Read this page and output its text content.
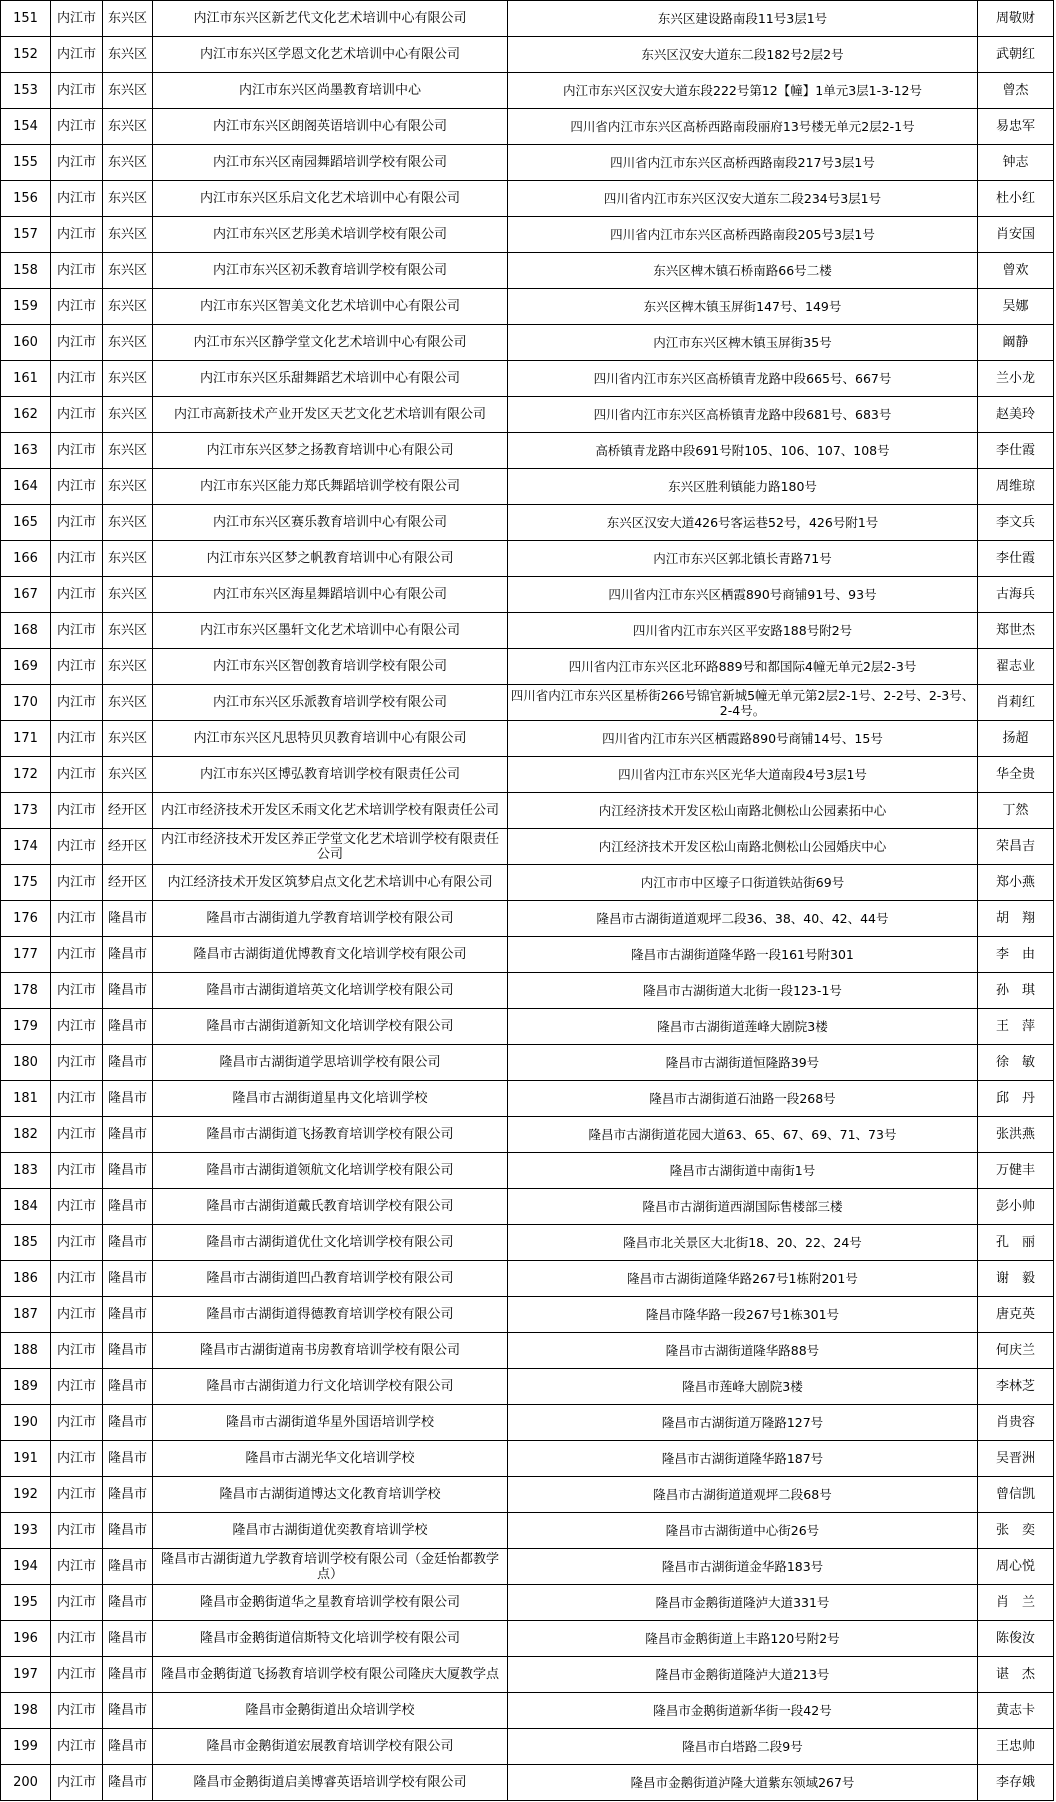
151	内江市	东兴区	内江市东兴区新艺代文化艺术培训中心有限公司	东兴区建设路南段11号3层1号	周敬财
152	内江市	东兴区	内江市东兴区学恩文化艺术培训中心有限公司	东兴区汉安大道东二段182号2层2号	武朝红
153	内江市	东兴区	内江市东兴区尚墨教育培训中心	内江市东兴区汉安大道东段222号第12【幢】1单元3层1-3-12号	曾杰
154	内江市	东兴区	内江市东兴区朗阁英语培训中心有限公司	四川省内江市东兴区高桥西路南段丽府13号楼无单元2层2-1号	易忠军
155	内江市	东兴区	内江市东兴区南园舞蹈培训学校有限公司	四川省内江市东兴区高桥西路南段217号3层1号	钟志
156	内江市	东兴区	内江市东兴区乐启文化艺术培训中心有限公司	四川省内江市东兴区汉安大道东二段234号3层1号	杜小红
157	内江市	东兴区	内江市东兴区艺彤美术培训学校有限公司	四川省内江市东兴区高桥西路南段205号3层1号	肖安国
158	内江市	东兴区	内江市东兴区初禾教育培训学校有限公司	东兴区椑木镇石桥南路66号二楼	曾欢
159	内江市	东兴区	内江市东兴区智美文化艺术培训中心有限公司	东兴区椑木镇玉屏街147号、149号	吴娜
160	内江市	东兴区	内江市东兴区静学堂文化艺术培训中心有限公司	内江市东兴区椑木镇玉屏街35号	阚静
161	内江市	东兴区	内江市东兴区乐甜舞蹈艺术培训中心有限公司	四川省内江市东兴区高桥镇青龙路中段665号、667号	兰小龙
162	内江市	东兴区	内江市高新技术产业开发区天艺文化艺术培训有限公司	四川省内江市东兴区高桥镇青龙路中段681号、683号	赵美玲
163	内江市	东兴区	内江市东兴区梦之扬教育培训中心有限公司	高桥镇青龙路中段691号附105、106、107、108号	李仕霞
164	内江市	东兴区	内江市东兴区能力郑氏舞蹈培训学校有限公司	东兴区胜利镇能力路180号	周维琼
165	内江市	东兴区	内江市东兴区赛乐教育培训中心有限公司	东兴区汉安大道426号客运巷52号，426号附1号	李文兵
166	内江市	东兴区	内江市东兴区梦之帆教育培训中心有限公司	内江市东兴区郭北镇长青路71号	李仕霞
167	内江市	东兴区	内江市东兴区海星舞蹈培训中心有限公司	四川省内江市东兴区栖霞890号商铺91号、93号	古海兵
168	内江市	东兴区	内江市东兴区墨轩文化艺术培训中心有限公司	四川省内江市东兴区平安路188号附2号	郑世杰
169	内江市	东兴区	内江市东兴区智创教育培训学校有限公司	四川省内江市东兴区北环路889号和都国际4幢无单元2层2-3号	翟志业
170	内江市	东兴区	内江市东兴区乐派教育培训学校有限公司	四川省内江市东兴区星桥街266号锦官新城5幢无单元第2层2-1号、2-2号、2-3号、2-4号。	肖莉红
171	内江市	东兴区	内江市东兴区凡思特贝贝教育培训中心有限公司	四川省内江市东兴区栖霞路890号商铺14号、15号	扬超
172	内江市	东兴区	内江市东兴区博弘教育培训学校有限责任公司	四川省内江市东兴区光华大道南段4号3层1号	华全贵
173	内江市	经开区	内江市经济技术开发区禾雨文化艺术培训学校有限责任公司	内江经济技术开发区松山南路北侧松山公园素拓中心	丁然
174	内江市	经开区	内江市经济技术开发区养正学堂文化艺术培训学校有限责任公司	内江经济技术开发区松山南路北侧松山公园婚庆中心	荣昌吉
175	内江市	经开区	内江经济技术开发区筑梦启点文化艺术培训中心有限公司	内江市市中区壕子口街道铁站街69号	郑小燕
176	内江市	隆昌市	隆昌市古湖街道九学教育培训学校有限公司	隆昌市古湖街道道观坪二段36、38、40、42、44号	胡　翔
177	内江市	隆昌市	隆昌市古湖街道优博教育文化培训学校有限公司	隆昌市古湖街道隆华路一段161号附301	李　由
178	内江市	隆昌市	隆昌市古湖街道培英文化培训学校有限公司	隆昌市古湖街道大北街一段123-1号	孙　琪
179	内江市	隆昌市	隆昌市古湖街道新知文化培训学校有限公司	隆昌市古湖街道莲峰大剧院3楼	王　萍
180	内江市	隆昌市	隆昌市古湖街道学思培训学校有限公司	隆昌市古湖街道恒隆路39号	徐　敏
181	内江市	隆昌市	隆昌市古湖街道星冉文化培训学校	隆昌市古湖街道石油路一段268号	邱　丹
182	内江市	隆昌市	隆昌市古湖街道飞扬教育培训学校有限公司	隆昌市古湖街道花园大道63、65、67、69、71、73号	张洪燕
183	内江市	隆昌市	隆昌市古湖街道领航文化培训学校有限公司	隆昌市古湖街道中南街1号	万健丰
184	内江市	隆昌市	隆昌市古湖街道戴氏教育培训学校有限公司	隆昌市古湖街道西湖国际售楼部三楼	彭小帅
185	内江市	隆昌市	隆昌市古湖街道优仕文化培训学校有限公司	隆昌市北关景区大北街18、20、22、24号	孔　丽
186	内江市	隆昌市	隆昌市古湖街道凹凸教育培训学校有限公司	隆昌市古湖街道隆华路267号1栋附201号	谢　毅
187	内江市	隆昌市	隆昌市古湖街道得德教育培训学校有限公司	隆昌市隆华路一段267号1栋301号	唐克英
188	内江市	隆昌市	隆昌市古湖街道南书房教育培训学校有限公司	隆昌市古湖街道隆华路88号	何庆兰
189	内江市	隆昌市	隆昌市古湖街道力行文化培训学校有限公司	隆昌市莲峰大剧院3楼	李林芝
190	内江市	隆昌市	隆昌市古湖街道华星外国语培训学校	隆昌市古湖街道万隆路127号	肖贵容
191	内江市	隆昌市	隆昌市古湖光华文化培训学校	隆昌市古湖街道隆华路187号	吴晋洲
192	内江市	隆昌市	隆昌市古湖街道博达文化教育培训学校	隆昌市古湖街道道观坪二段68号	曾信凯
193	内江市	隆昌市	隆昌市古湖街道优奕教育培训学校	隆昌市古湖街道中心街26号	张　奕
194	内江市	隆昌市	隆昌市古湖街道九学教育培训学校有限公司（金廷怡都教学点）	隆昌市古湖街道金华路183号	周心悦
195	内江市	隆昌市	隆昌市金鹅街道华之星教育培训学校有限公司	隆昌市金鹅街道隆泸大道331号	肖　兰
196	内江市	隆昌市	隆昌市金鹅街道信斯特文化培训学校有限公司	隆昌市金鹅街道上丰路120号附2号	陈俊汝
197	内江市	隆昌市	隆昌市金鹅街道飞扬教育培训学校有限公司隆庆大厦教学点	隆昌市金鹅街道隆泸大道213号	谌　杰
198	内江市	隆昌市	隆昌市金鹅街道出众培训学校	隆昌市金鹅街道新华街一段42号	黄志卡
199	内江市	隆昌市	隆昌市金鹅街道宏展教育培训学校有限公司	隆昌市白塔路二段9号	王忠帅
200	内江市	隆昌市	隆昌市金鹅街道启美博睿英语培训学校有限公司	隆昌市金鹅街道泸隆大道紫东领域267号	李存娥
